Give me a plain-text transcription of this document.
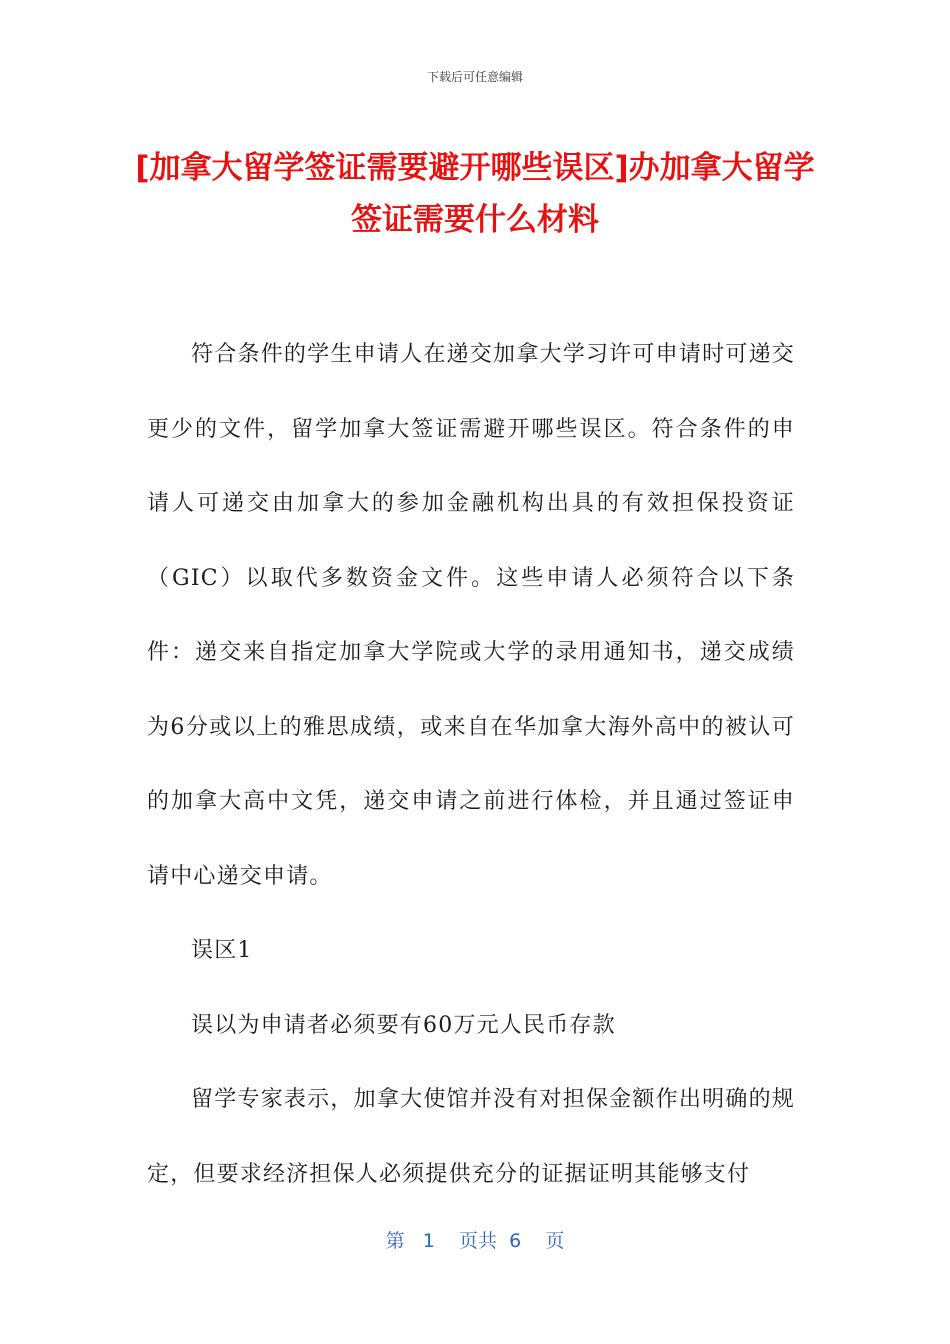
下载后可任意编辑
[加拿大留学签证需要避开哪些误区]办加拿大留学签证需要什么材料

符合条件的学生申请人在递交加拿大学习许可申请时可递交更少的文件，留学加拿大签证需避开哪些误区。符合条件的申请人可递交由加拿大的参加金融机构出具的有效担保投资证（GIC）以取代多数资金文件。这些申请人必须符合以下条件：递交来自指定加拿大学院或大学的录用通知书，递交成绩为6分或以上的雅思成绩，或来自在华加拿大海外高中的被认可的加拿大高中文凭，递交申请之前进行体检，并且通过签证申请中心递交申请。

误区1

误以为申请者必须要有60万元人民币存款

留学专家表示，加拿大使馆并没有对担保金额作出明确的规定，但要求经济担保人必须提供充分的证据证明其能够支付

第 1 页共 6 页
